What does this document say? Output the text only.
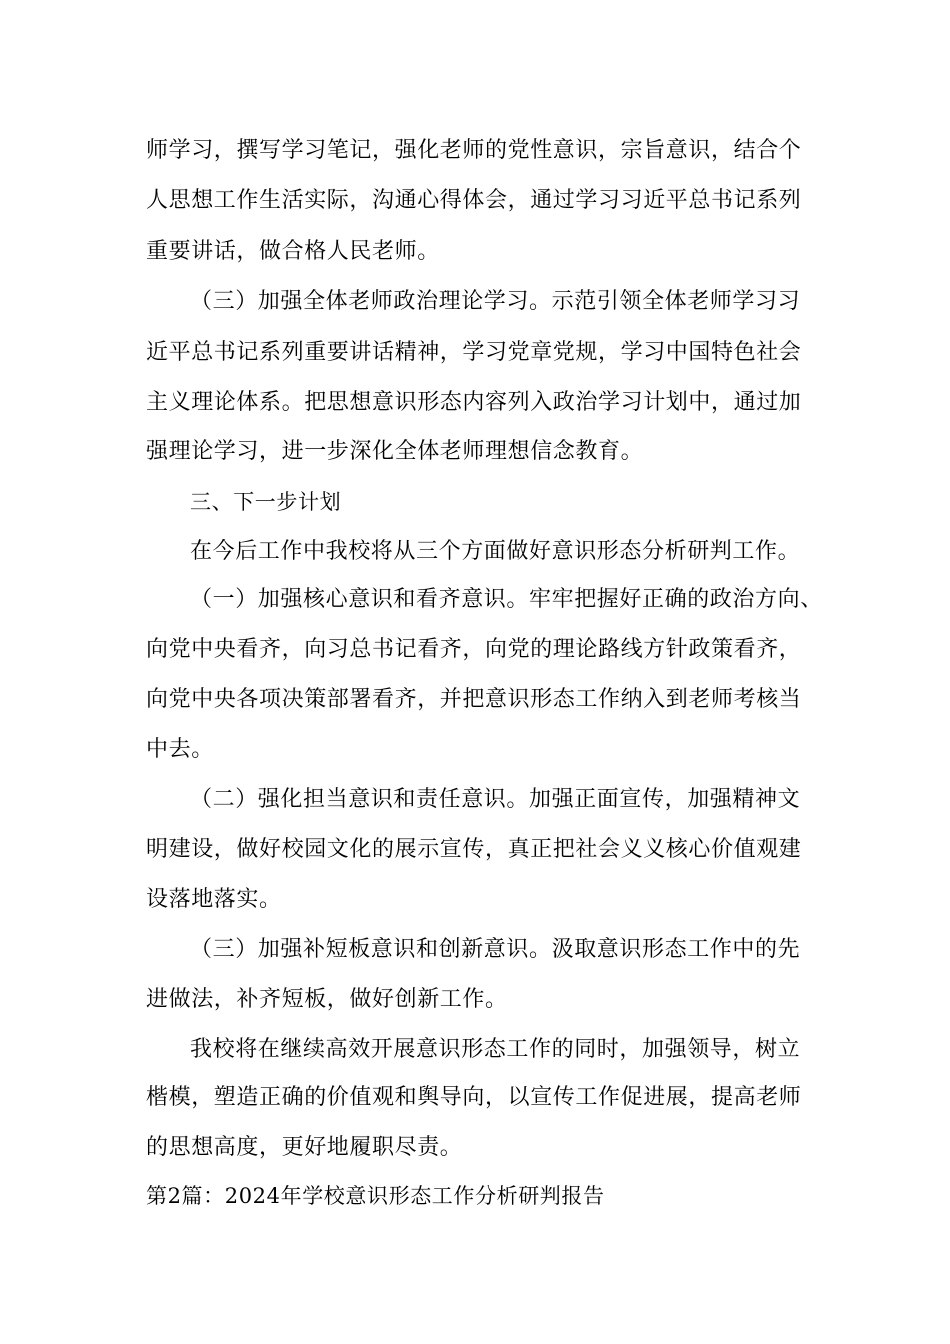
师学习，撰写学习笔记，强化老师的党性意识，宗旨意识，结合个
人思想工作生活实际，沟通心得体会，通过学习习近平总书记系列
重要讲话，做合格人民老师。
（三）加强全体老师政治理论学习。示范引领全体老师学习习
近平总书记系列重要讲话精神，学习党章党规，学习中国特色社会
主义理论体系。把思想意识形态内容列入政治学习计划中，通过加
强理论学习，进一步深化全体老师理想信念教育。
三、下一步计划
在今后工作中我校将从三个方面做好意识形态分析研判工作。
（一）加强核心意识和看齐意识。牢牢把握好正确的政治方向、
向党中央看齐，向习总书记看齐，向党的理论路线方针政策看齐，
向党中央各项决策部署看齐，并把意识形态工作纳入到老师考核当
中去。
（二）强化担当意识和责任意识。加强正面宣传，加强精神文
明建设，做好校园文化的展示宣传，真正把社会义义核心价值观建
设落地落实。
（三）加强补短板意识和创新意识。汲取意识形态工作中的先
进做法，补齐短板，做好创新工作。
我校将在继续高效开展意识形态工作的同时，加强领导，树立
楷模，塑造正确的价值观和舆导向，以宣传工作促进展，提高老师
的思想高度，更好地履职尽责。
第2篇：2024年学校意识形态工作分析研判报告
